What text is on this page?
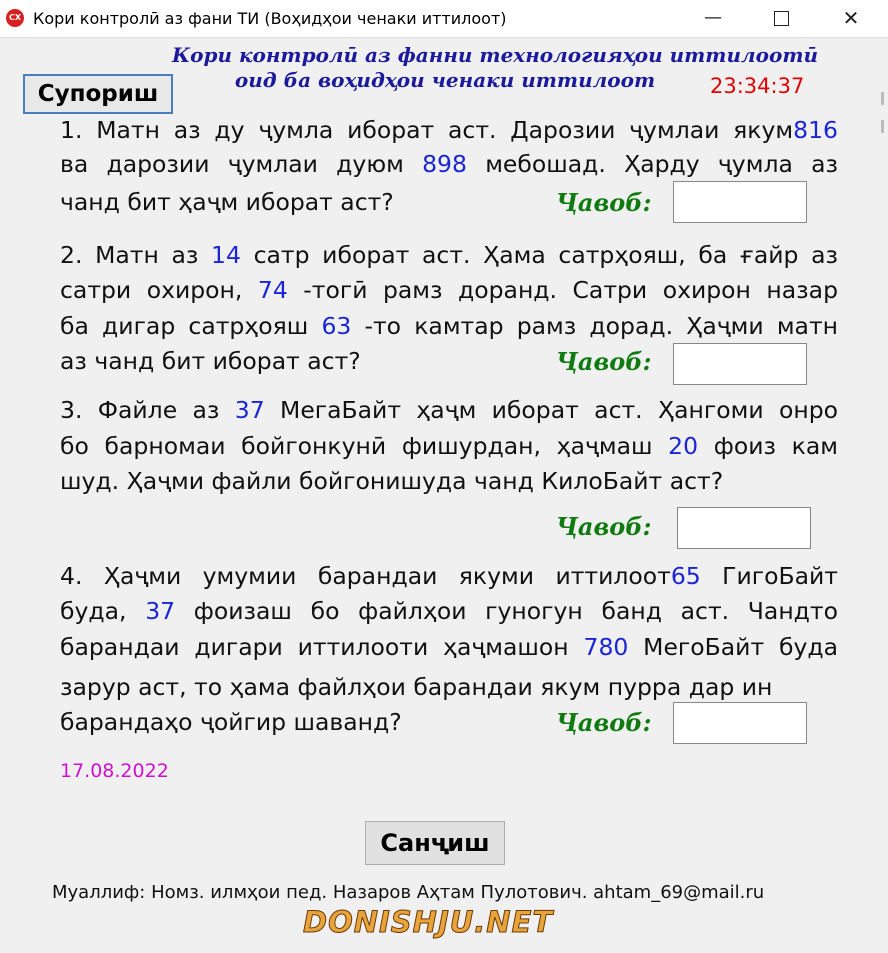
CX Кори контролӣ аз фани ТИ (Воҳидҳои ченаки иттилоот)	—	✕
Кори контролӣ аз фанни технологияҳои иттилоотӣ
оид ба воҳидҳои ченаки иттилоот	23:34:37
Супориш
1. Матн аз ду ҷумла иборат аст. Дарозии ҷумлаи якум816
ва дарозии ҷумлаи дуюм 898 мебошад. Ҳарду ҷумла аз
чанд бит ҳаҷм иборат аст?	Ҷавоб:
2. Матн аз 14 сатр иборат аст. Ҳама сатрҳояш, ба ғайр аз
сатри охирон, 74 -тогӣ рамз доранд. Сатри охирон назар
ба дигар сатрҳояш 63 -то камтар рамз дорад. Ҳаҷми матн
аз чанд бит иборат аст?	Ҷавоб:
3. Файле аз 37 МегаБайт ҳаҷм иборат аст. Ҳангоми онро
бо барномаи бойгонкунӣ фишурдан, ҳаҷмаш 20 фоиз кам
шуд. Ҳаҷми файли бойгонишуда чанд КилоБайт аст?
Ҷавоб:
4. Ҳаҷми умумии барандаи якуми иттилоот65 ГигоБайт
буда, 37 фоизаш бо файлҳои гуногун банд аст. Чандто
барандаи дигари иттилооти ҳаҷмашон 780 МегоБайт буда
зарур аст, то ҳама файлҳои барандаи якум пурра дар ин
барандаҳо ҷойгир шаванд?	Ҷавоб:
17.08.2022
Санҷиш
Муаллиф: Номз. илмҳои пед. Назаров Аҳтам Пулотович. ahtam_69@mail.ru
DONISHJU.NET
